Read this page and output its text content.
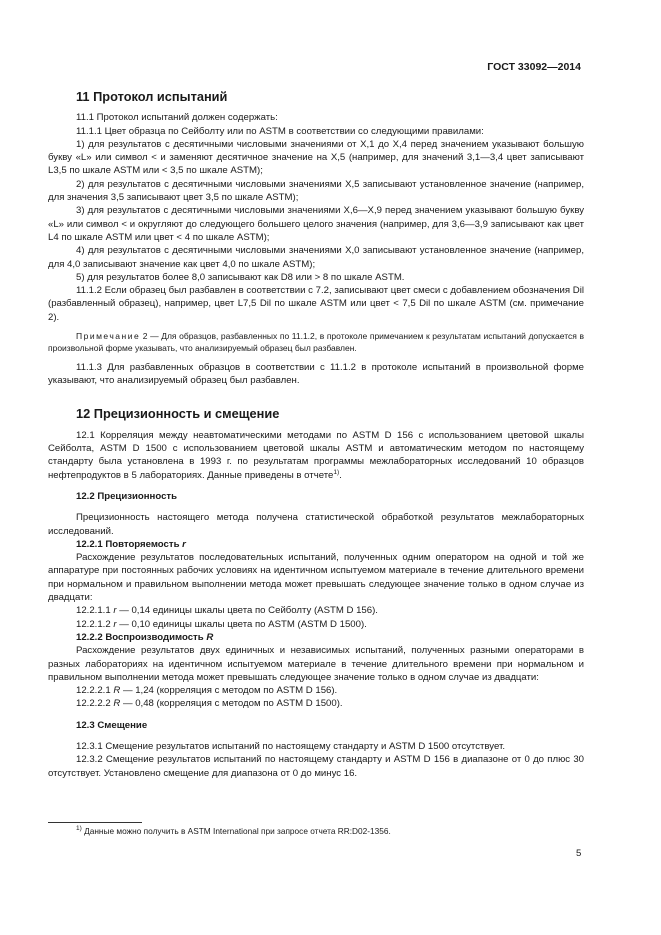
ГОСТ 33092—2014
11 Протокол испытаний

11.1 Протокол испытаний должен содержать:

11.1.1 Цвет образца по Сейболту или по ASTM в соответствии со следующими правилами:

1) для результатов с десятичными числовыми значениями от Х,1 до Х,4 перед значением указывают большую букву «L» или символ < и заменяют десятичное значение на Х,5 (например, для значений 3,1—3,4 цвет записывают L3,5 по шкале ASTM или < 3,5 по шкале ASTM);

2) для результатов с десятичными числовыми значениями Х,5 записывают установленное значение (например, для значения 3,5 записывают цвет 3,5 по шкале ASTM);

3) для результатов с десятичными числовыми значениями Х,6—Х,9 перед значением указывают большую букву «L» или символ < и округляют до следующего большего целого значения (например, для 3,6—3,9 записывают как цвет L4 по шкале ASTM или цвет < 4 по шкале ASTM);

4) для результатов с десятичными числовыми значениями Х,0 записывают установленное значение (например, для 4,0 записывают значение как цвет 4,0 по шкале ASTM);

5) для результатов более 8,0 записывают как D8 или > 8 по шкале ASTM.

11.1.2 Если образец был разбавлен в соответствии с 7.2, записывают цвет смеси с добавлением обозначения Dil (разбавленный образец), например, цвет L7,5 Dil по шкале ASTM или цвет < 7,5 Dil по шкале ASTM (см. примечание 2).

Примечание 2 — Для образцов, разбавленных по 11.1.2, в протоколе примечанием к результатам испытаний допускается в произвольной форме указывать, что анализируемый образец был разбавлен.

11.1.3 Для разбавленных образцов в соответствии с 11.1.2 в протоколе испытаний в произвольной форме указывают, что анализируемый образец был разбавлен.

12 Прецизионность и смещение

12.1 Корреляция между неавтоматическими методами по ASTM D 156 с использованием цветовой шкалы Сейболта, ASTM D 1500 с использованием цветовой шкалы ASTM и автоматическим методом по настоящему стандарту была установлена в 1993 г. по результатам программы межлабораторных исследований 10 образцов нефтепродуктов в 5 лабораториях. Данные приведены в отчете$^{1)}$.

12.2 Прецизионность

Прецизионность настоящего метода получена статистической обработкой результатов межлабораторных исследований.

12.2.1 Повторяемость r

Расхождение результатов последовательных испытаний, полученных одним оператором на одной и той же аппаратуре при постоянных рабочих условиях на идентичном испытуемом материале в течение длительного времени при нормальном и правильном выполнении метода может превышать следующее значение только в одном случае из двадцати:

12.2.1.1 r — 0,14 единицы шкалы цвета по Сейболту (ASTM D 156).

12.2.1.2 r — 0,10 единицы шкалы цвета по ASTM (ASTM D 1500).

12.2.2 Воспроизводимость R

Расхождение результатов двух единичных и независимых испытаний, полученных разными операторами в разных лабораториях на идентичном испытуемом материале в течение длительного времени при нормальном и правильном выполнении метода может превышать следующее значение только в одном случае из двадцати:

12.2.2.1 R — 1,24 (корреляция с методом по ASTM D 156).

12.2.2.2 R — 0,48 (корреляция с методом по ASTM D 1500).

12.3 Смещение

12.3.1 Смещение результатов испытаний по настоящему стандарту и ASTM D 1500 отсутствует.

12.3.2 Смещение результатов испытаний по настоящему стандарту и ASTM D 156 в диапазоне от 0 до плюс 30 отсутствует. Установлено смещение для диапазона от 0 до минус 16.

$^{1)}$ Данные можно получить в ASTM International при запросе отчета RR:D02-1356.
5
